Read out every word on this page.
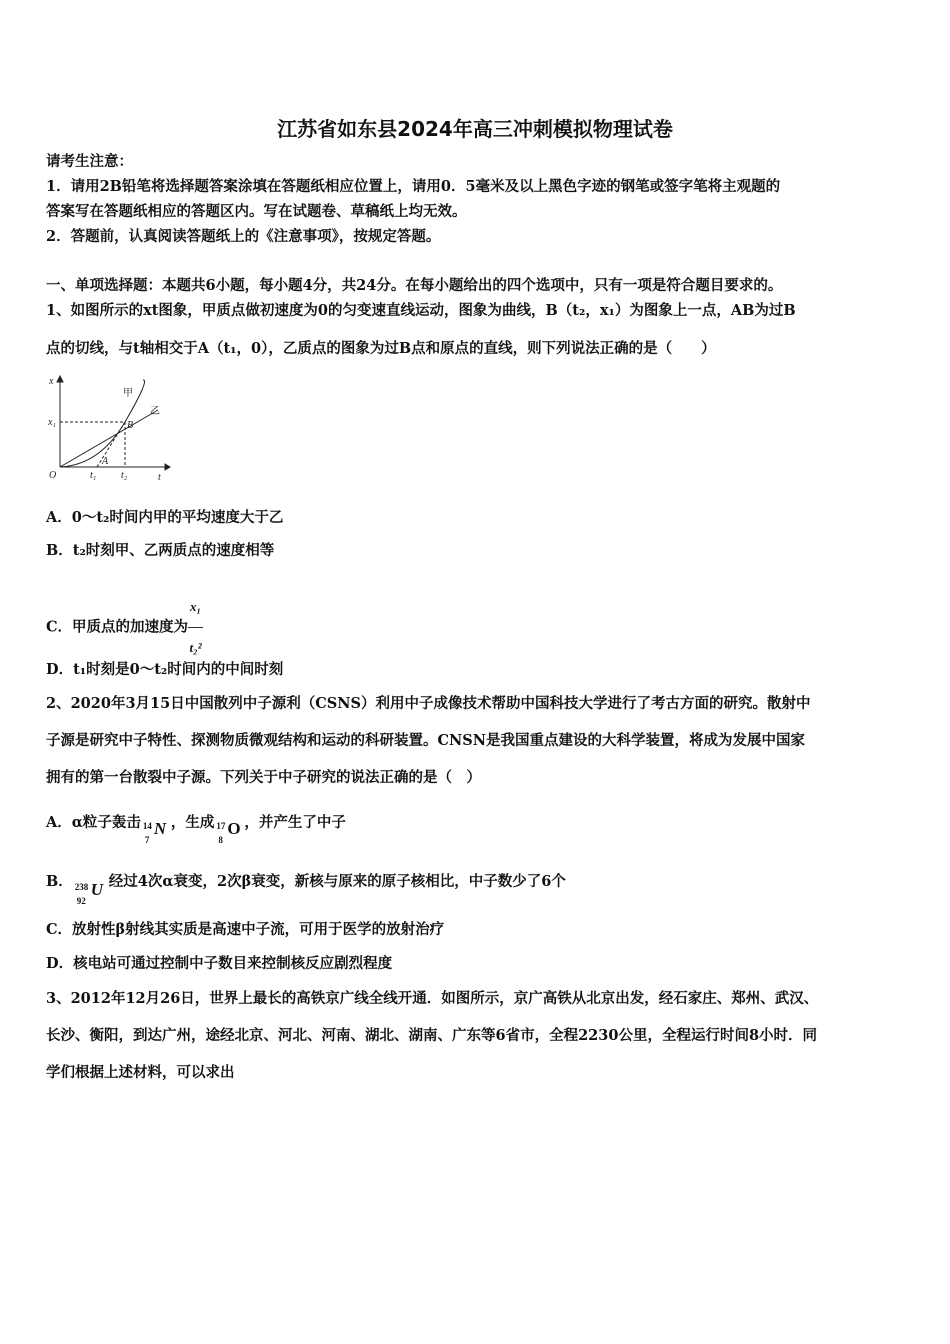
江苏省如东县2024年高三冲刺模拟物理试卷
请考生注意：
1．请用2B铅笔将选择题答案涂填在答题纸相应位置上，请用0．5毫米及以上黑色字迹的钢笔或签字笔将主观题的
答案写在答题纸相应的答题区内。写在试题卷、草稿纸上均无效。
2．答题前，认真阅读答题纸上的《注意事项》，按规定答题。
一、单项选择题：本题共6小题，每小题4分，共24分。在每小题给出的四个选项中，只有一项是符合题目要求的。
1、如图所示的xt图象，甲质点做初速度为0的匀变速直线运动，图象为曲线，B（t₂，x₁）为图象上一点，AB为过B
点的切线，与t轴相交于A（t₁，0），乙质点的图象为过B点和原点的直线，则下列说法正确的是（　　）
x
t
O
x₁
t₁ t₂
甲
乙
A
B
A．0～t₂时间内甲的平均速度大于乙
B．t₂时刻甲、乙两质点的速度相等
C．甲质点的加速度为 $\frac{\text{x₁}}{\text{t₂²}}$
D．t₁时刻是0～t₂时间内的中间时刻
2、2020年3月15日中国散列中子源利（CSNS）利用中子成像技术帮助中国科技大学进行了考古方面的研究。散射中
子源是研究中子特性、探测物质微观结构和运动的科研装置。CNSN是我国重点建设的大科学装置，将成为发展中国家
拥有的第一台散裂中子源。下列关于中子研究的说法正确的是（　）
A．α粒子轰击 14
7
N ，生成 17
8
O ，并产生了中子
B． 238
92
U 经过4次α衰变，2次β衰变，新核与原来的原子核相比，中子数少了6个
C．放射性β射线其实质是高速中子流，可用于医学的放射治疗
D．核电站可通过控制中子数目来控制核反应剧烈程度
3、2012年12月26日，世界上最长的高铁京广线全线开通．如图所示，京广高铁从北京出发，经石家庄、郑州、武汉、
长沙、衡阳，到达广州，途经北京、河北、河南、湖北、湖南、广东等6省市，全程2230公里，全程运行时间8小时．同
学们根据上述材料，可以求出
